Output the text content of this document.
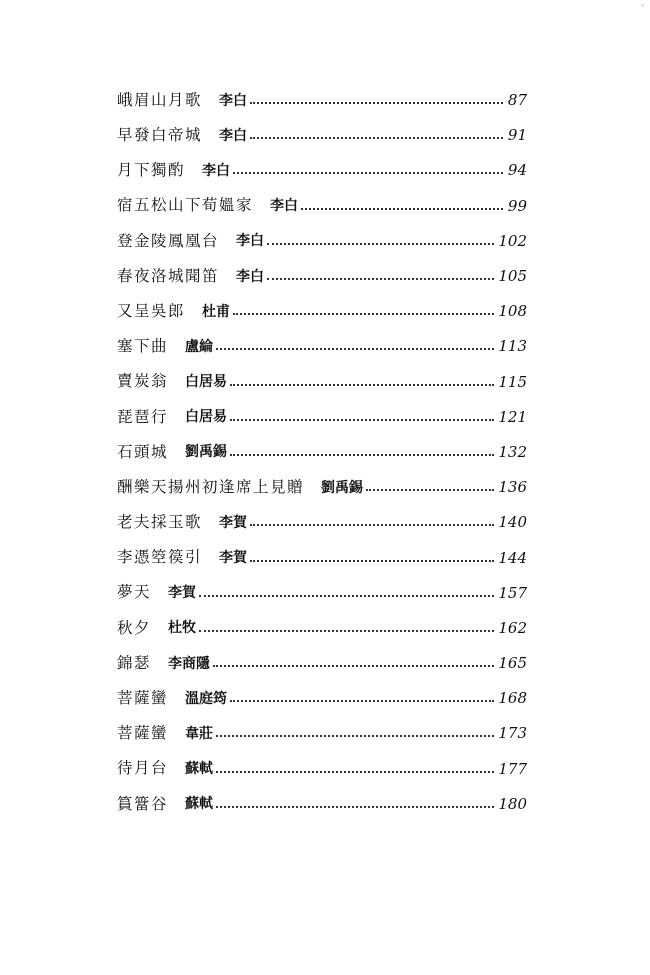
峨眉山月歌 李白	87
早發白帝城 李白	91
月下獨酌 李白	94
宿五松山下荀媼家 李白	99
登金陵鳳凰台 李白	102
春夜洛城聞笛 李白	105
又呈吳郎 杜甫	108
塞下曲 盧綸	113
賣炭翁 白居易	115
琵琶行 白居易	121
石頭城 劉禹錫	132
酬樂天揚州初逢席上見贈 劉禹錫	136
老夫採玉歌 李賀	140
李憑箜篌引 李賀	144
夢天 李賀	157
秋夕 杜牧	162
錦瑟 李商隱	165
菩薩蠻 溫庭筠	168
菩薩蠻 韋莊	173
待月台 蘇軾	177
篔簹谷 蘇軾	180
